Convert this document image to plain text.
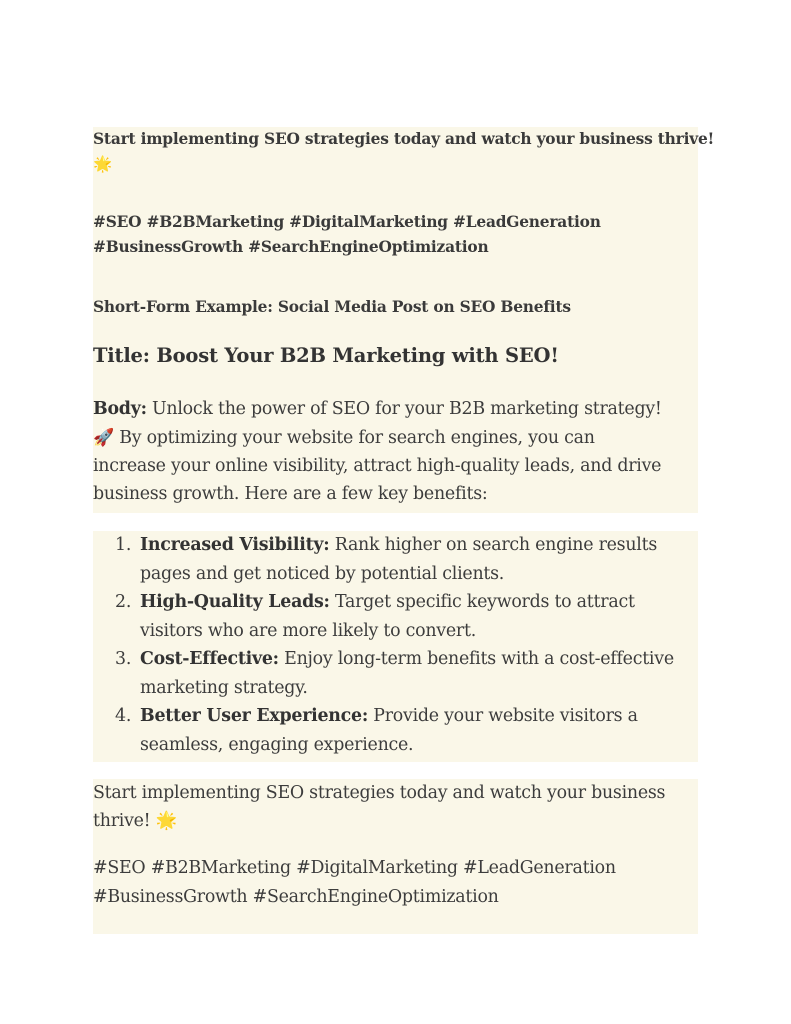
Start implementing SEO strategies today and watch your business thrive!

🌟

#SEO #B2BMarketing #DigitalMarketing #LeadGeneration

#BusinessGrowth #SearchEngineOptimization

Short-Form Example: Social Media Post on SEO Benefits

Title: Boost Your B2B Marketing with SEO!

Body: Unlock the power of SEO for your B2B marketing strategy!

🚀 By optimizing your website for search engines, you can

increase your online visibility, attract high-quality leads, and drive

business growth. Here are a few key benefits:

1. Increased Visibility: Rank higher on search engine results
pages and get noticed by potential clients.
2. High-Quality Leads: Target specific keywords to attract
visitors who are more likely to convert.
3. Cost-Effective: Enjoy long-term benefits with a cost-effective
marketing strategy.
4. Better User Experience: Provide your website visitors a
seamless, engaging experience.

Start implementing SEO strategies today and watch your business

thrive! 🌟

#SEO #B2BMarketing #DigitalMarketing #LeadGeneration

#BusinessGrowth #SearchEngineOptimization
